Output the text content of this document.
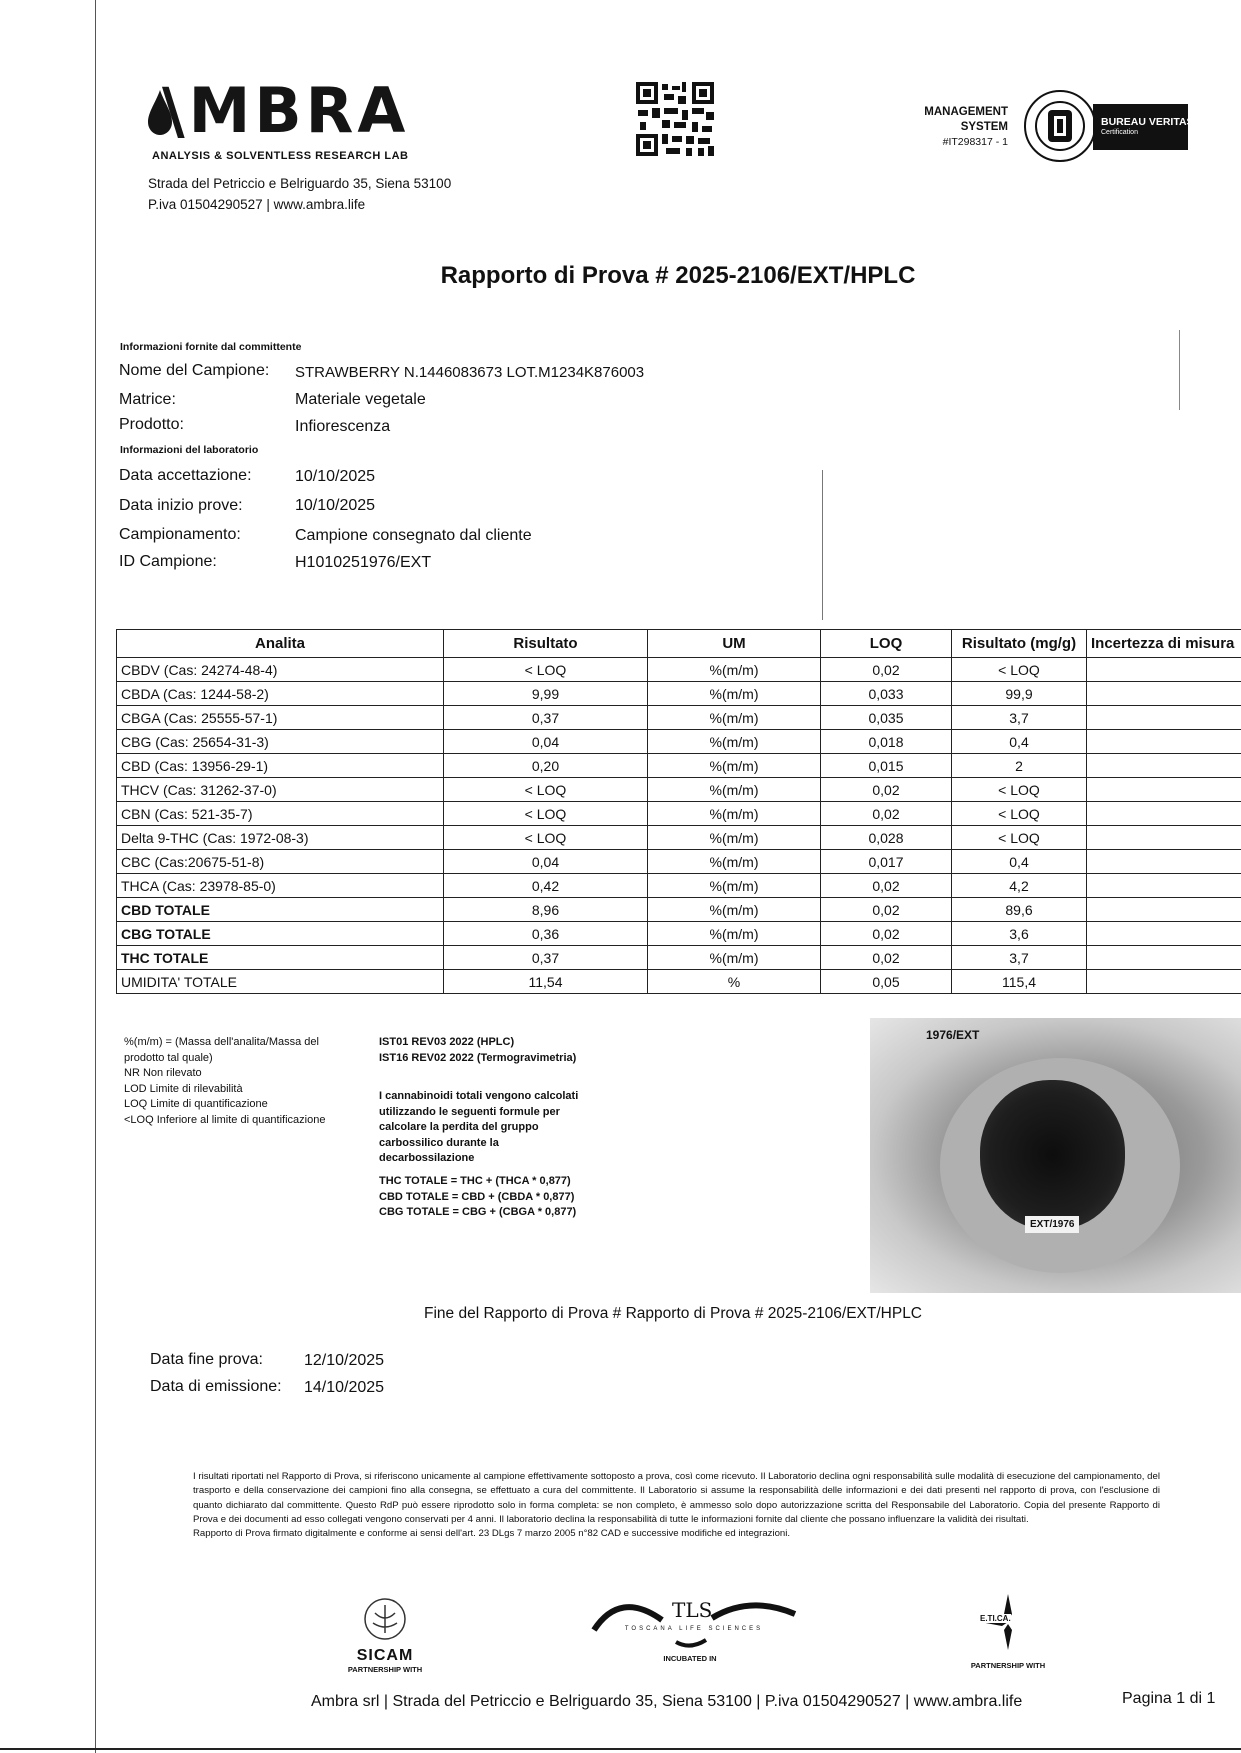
\MBRA
ANALYSIS & SOLVENTLESS RESEARCH LAB
Strada del Petriccio e Belriguardo 35, Siena 53100
P.iva 01504290527 | www.ambra.life
MANAGEMENT
SYSTEM
#IT298317 - 1
BUREAU VERITAS
Certification
Rapporto di Prova # 2025-2106/EXT/HPLC
Informazioni fornite dal committente
Nome del Campione: STRAWBERRY N.1446083673 LOT.M1234K876003
Matrice:	Materiale vegetale
Prodotto:	Infiorescenza
Informazioni del laboratorio
Data accettazione:	10/10/2025
Data inizio prove:	10/10/2025
Campionamento:	Campione consegnato dal cliente
ID Campione:	H1010251976/EXT
Analita	Risultato	UM	LOQ	Risultato (mg/g)	Incertezza di misura
CBDV (Cas: 24274-48-4)	< LOQ	%(m/m)	0,02	< LOQ	
CBDA (Cas: 1244-58-2)	9,99	%(m/m)	0,033	99,9	
CBGA (Cas: 25555-57-1)	0,37	%(m/m)	0,035	3,7	
CBG (Cas: 25654-31-3)	0,04	%(m/m)	0,018	0,4	
CBD (Cas: 13956-29-1)	0,20	%(m/m)	0,015	2	
THCV (Cas: 31262-37-0)	< LOQ	%(m/m)	0,02	< LOQ	
CBN (Cas: 521-35-7)	< LOQ	%(m/m)	0,02	< LOQ	
Delta 9-THC (Cas: 1972-08-3)	< LOQ	%(m/m)	0,028	< LOQ	
CBC (Cas:20675-51-8)	0,04	%(m/m)	0,017	0,4	
THCA (Cas: 23978-85-0)	0,42	%(m/m)	0,02	4,2	
CBD TOTALE	8,96	%(m/m)	0,02	89,6	
CBG TOTALE	0,36	%(m/m)	0,02	3,6	
THC TOTALE	0,37	%(m/m)	0,02	3,7	
UMIDITA' TOTALE	11,54	%	0,05	115,4	
%(m/m) = (Massa dell'analita/Massa del
prodotto tal quale)
NR Non rilevato
LOD Limite di rilevabilità
LOQ Limite di quantificazione
<LOQ Inferiore al limite di quantificazione
IST01 REV03 2022 (HPLC)
IST16 REV02 2022 (Termogravimetria)
I cannabinoidi totali vengono calcolati
utilizzando le seguenti formule per
calcolare la perdita del gruppo
carbossilico durante la
decarbossilazione
THC TOTALE = THC + (THCA * 0,877)
CBD TOTALE = CBD + (CBDA * 0,877)
CBG TOTALE = CBG + (CBGA * 0,877)
1976/EXT
EXT/1976
Fine del Rapporto di Prova # Rapporto di Prova # 2025-2106/EXT/HPLC
Data fine prova:	12/10/2025
Data di emissione: 14/10/2025
I risultati riportati nel Rapporto di Prova, si riferiscono unicamente al campione effettivamente sottoposto a prova, così come ricevuto. Il Laboratorio declina ogni responsabilità sulle modalità di esecuzione del campionamento, del trasporto e della conservazione dei campioni fino alla consegna, se effettuato a cura del committente. Il Laboratorio si assume la responsabilità delle informazioni e dei dati presenti nel rapporto di prova, con l'esclusione di quanto dichiarato dal committente. Questo RdP può essere riprodotto solo in forma completa: se non completo, è ammesso solo dopo autorizzazione scritta del Responsabile del Laboratorio. Copia del presente Rapporto di Prova e dei documenti ad esso collegati vengono conservati per 4 anni. Il laboratorio declina la responsabilità di tutte le informazioni fornite dal cliente che possano influenzare la validità dei risultati.
Rapporto di Prova firmato digitalmente e conforme ai sensi dell'art. 23 DLgs 7 marzo 2005 n°82 CAD e successive modifiche ed integrazioni.
SICAM
PARTNERSHIP WITH
TLS
TOSCANA LIFE SCIENCES
INCUBATED IN
E.TI.CA.
PARTNERSHIP WITH
Ambra srl | Strada del Petriccio e Belriguardo 35, Siena 53100 | P.iva 01504290527 | www.ambra.life	Pagina 1 di 1
